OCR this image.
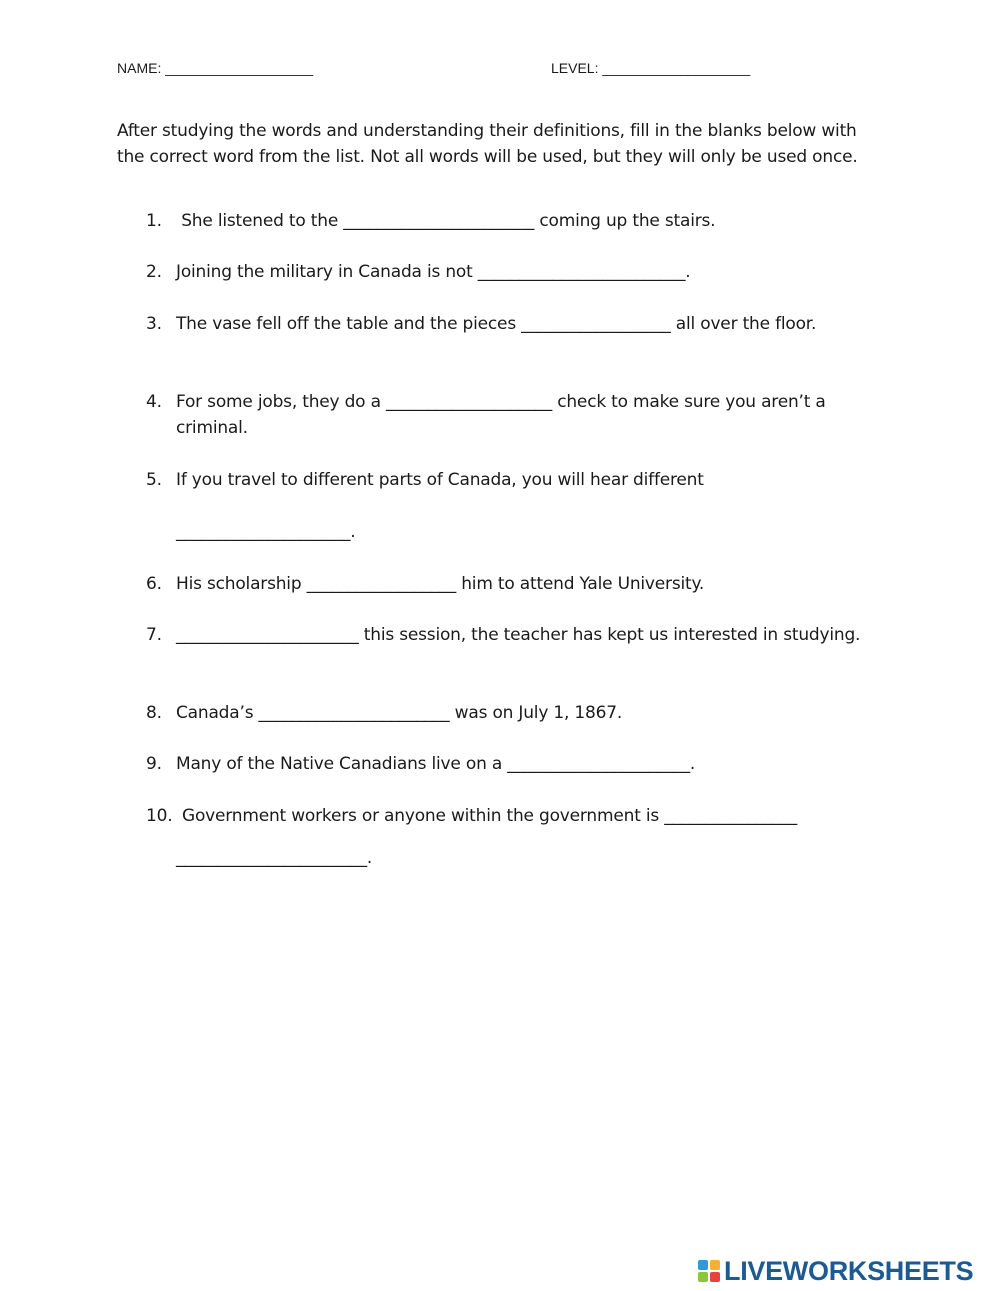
NAME: ___________________	LEVEL: ___________________

After studying the words and understanding their definitions, fill in the blanks below with the correct word from the list. Not all words will be used, but they will only be used once.

1. She listened to the _______________________ coming up the stairs.
2. Joining the military in Canada is not _________________________.
3. The vase fell off the table and the pieces __________________ all over the floor.
4. For some jobs, they do a ____________________ check to make sure you aren’t a criminal.
5. If you travel to different parts of Canada, you will hear different
_____________________.
6. His scholarship __________________ him to attend Yale University.
7. ______________________ this session, the teacher has kept us interested in studying.
8. Canada’s _______________________ was on July 1, 1867.
9. Many of the Native Canadians live on a ______________________.
10. Government workers or anyone within the government is ________________
_______________________.
LIVEWORKSHEETS
